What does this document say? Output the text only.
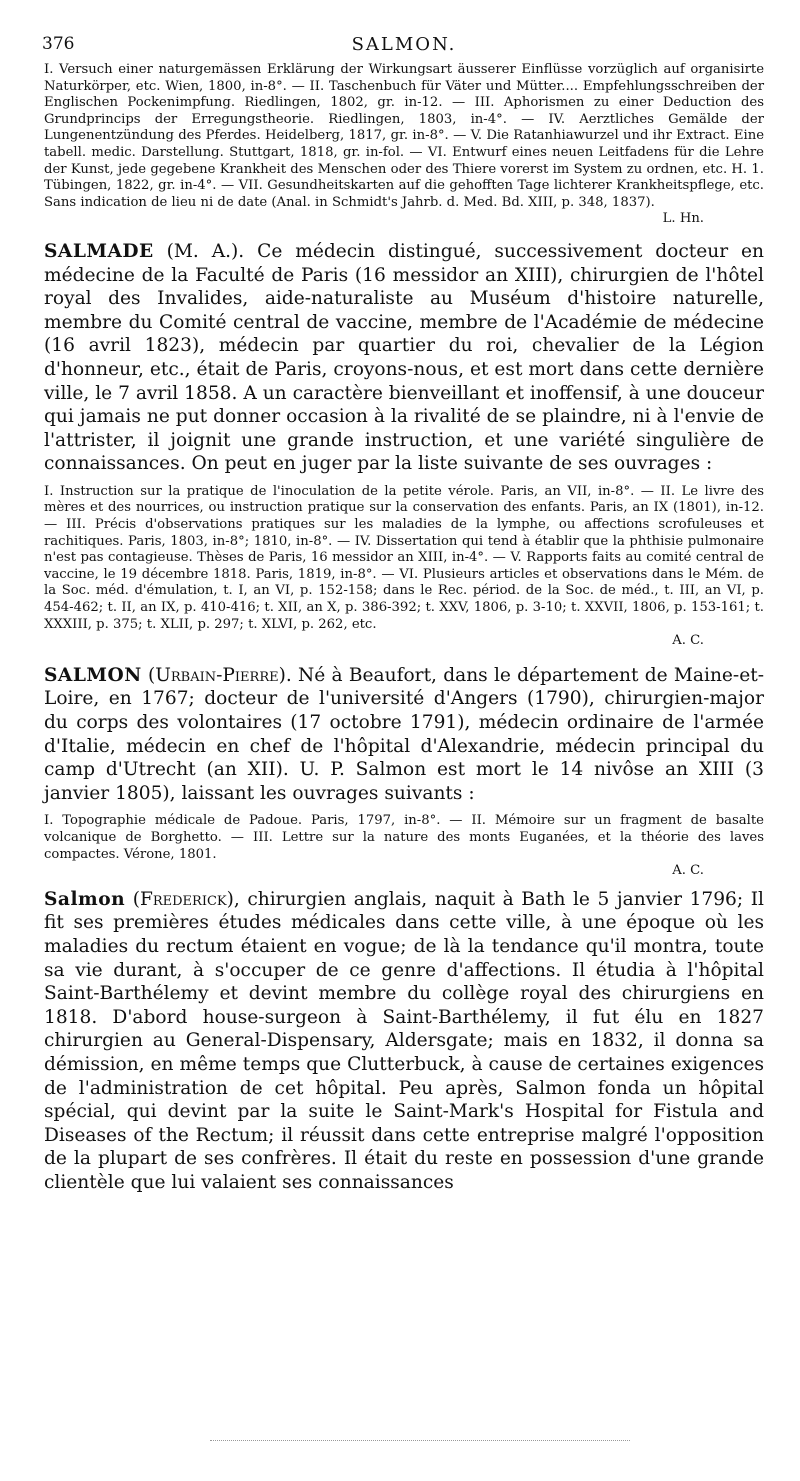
376	SALMON.

I. Versuch einer naturgemässen Erklärung der Wirkungsart äusserer Einflüsse vorzüglich auf organisirte Naturkörper, etc. Wien, 1800, in-8°. — II. Taschenbuch für Väter und Mütter.... Empfehlungsschreiben der Englischen Pockenimpfung. Riedlingen, 1802, gr. in-12. — III. Aphorismen zu einer Deduction des Grundprincips der Erregungstheorie. Riedlingen, 1803, in-4°. — IV. Aerztliches Gemälde der Lungenentzündung des Pferdes. Heidelberg, 1817, gr. in-8°. — V. Die Ratanhiawurzel und ihr Extract. Eine tabell. medic. Darstellung. Stuttgart, 1818, gr. in-fol. — VI. Entwurf eines neuen Leitfadens für die Lehre der Kunst, jede gegebene Krankheit des Menschen oder des Thiere vorerst im System zu ordnen, etc. H. 1. Tübingen, 1822, gr. in-4°. — VII. Gesundheitskarten auf die gehofften Tage lichterer Krankheitspflege, etc. Sans indication de lieu ni de date (Anal. in Schmidt's Jahrb. d. Med. Bd. XIII, p. 348, 1837).

L. Hn.

SALMADE (M. A.). Ce médecin distingué, successivement docteur en médecine de la Faculté de Paris (16 messidor an XIII), chirurgien de l'hôtel royal des Invalides, aide-naturaliste au Muséum d'histoire naturelle, membre du Comité central de vaccine, membre de l'Académie de médecine (16 avril 1823), médecin par quartier du roi, chevalier de la Légion d'honneur, etc., était de Paris, croyons-nous, et est mort dans cette dernière ville, le 7 avril 1858. A un caractère bienveillant et inoffensif, à une douceur qui jamais ne put donner occasion à la rivalité de se plaindre, ni à l'envie de l'attrister, il joignit une grande instruction, et une variété singulière de connaissances. On peut en juger par la liste suivante de ses ouvrages :

I. Instruction sur la pratique de l'inoculation de la petite vérole. Paris, an VII, in-8°. — II. Le livre des mères et des nourrices, ou instruction pratique sur la conservation des enfants. Paris, an IX (1801), in-12. — III. Précis d'observations pratiques sur les maladies de la lymphe, ou affections scrofuleuses et rachitiques. Paris, 1803, in-8°; 1810, in-8°. — IV. Dissertation qui tend à établir que la phthisie pulmonaire n'est pas contagieuse. Thèses de Paris, 16 messidor an XIII, in-4°. — V. Rapports faits au comité central de vaccine, le 19 décembre 1818. Paris, 1819, in-8°. — VI. Plusieurs articles et observations dans le Mém. de la Soc. méd. d'émulation, t. I, an VI, p. 152-158; dans le Rec. périod. de la Soc. de méd., t. III, an VI, p. 454-462; t. II, an IX, p. 410-416; t. XII, an X, p. 386-392; t. XXV, 1806, p. 3-10; t. XXVII, 1806, p. 153-161; t. XXXIII, p. 375; t. XLII, p. 297; t. XLVI, p. 262, etc.

A. C.

SALMON (Urbain-Pierre). Né à Beaufort, dans le département de Maine-et-Loire, en 1767; docteur de l'université d'Angers (1790), chirurgien-major du corps des volontaires (17 octobre 1791), médecin ordinaire de l'armée d'Italie, médecin en chef de l'hôpital d'Alexandrie, médecin principal du camp d'Utrecht (an XII). U. P. Salmon est mort le 14 nivôse an XIII (3 janvier 1805), laissant les ouvrages suivants :

I. Topographie médicale de Padoue. Paris, 1797, in-8°. — II. Mémoire sur un fragment de basalte volcanique de Borghetto. — III. Lettre sur la nature des monts Euganées, et la théorie des laves compactes. Vérone, 1801.

A. C.

Salmon (Frederick), chirurgien anglais, naquit à Bath le 5 janvier 1796; Il fit ses premières études médicales dans cette ville, à une époque où les maladies du rectum étaient en vogue; de là la tendance qu'il montra, toute sa vie durant, à s'occuper de ce genre d'affections. Il étudia à l'hôpital Saint-Barthélemy et devint membre du collège royal des chirurgiens en 1818. D'abord house-surgeon à Saint-Barthélemy, il fut élu en 1827 chirurgien au General-Dispensary, Aldersgate; mais en 1832, il donna sa démission, en même temps que Clutterbuck, à cause de certaines exigences de l'administration de cet hôpital. Peu après, Salmon fonda un hôpital spécial, qui devint par la suite le Saint-Mark's Hospital for Fistula and Diseases of the Rectum; il réussit dans cette entreprise malgré l'opposition de la plupart de ses confrères. Il était du reste en possession d'une grande clientèle que lui valaient ses connaissances
